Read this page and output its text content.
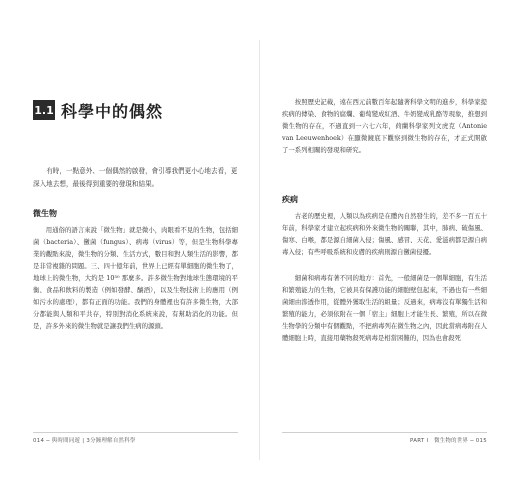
1.1 科學中的偶然

有時，一點意外、一個偶然的啟發，會引導我們更小心地去看，更深入地去想，最後得到重要的發現和結果。

微生物

用通俗的語言來說「微生物」就是微小，肉眼看不見的生物，包括細菌（bacteria）、黴菌（fungus）、病毒（virus）等，但是生物科學專業的觀點來說，微生物的分類、生活方式，數目和對人類生活的影響，都是非常複雜的問題。三、四十億年前，世界上已經有單細胞的微生物了，地球上的微生物，大約是 10³⁰ 那麼多。許多微生物對地球生態環境的平衡、食品和飲料的製造（例如發酵、釀酒），以及生物技術上的應用（例如污水的處理），都有正面的功能。我們的身體裡也有許多微生物，大部分都能與人類和平共存，特別對消化系統來說，有幫助消化的功能。但是，許多外來的微生物就是讓我們生病的源頭。

014 ─ 與時間同遊 | 3分鐘理解自然科學

按照歷史記載，遠在西元前數百年起隨著科學文明的進步，科學家提疾病的傳染、食物的腐爛、葡萄變成紅酒、牛奶變成乳酪等現象，推想到微生物的存在，不過直到一六七六年，荷蘭科學家列文虎克（Antonie van Leeuwenhoek）在顯微鏡底下觀察到微生物的存在，才正式開啟了一系列相關的發現和研究。

疾病

古老的歷史裡，人類以為疾病是在體內自然發生的，差不多一百五十年前，科學家才建立起疾病和外來微生物的關聯，其中，肺病、破傷風、傷寒、白喉，都是源自細菌入侵；傷風、感冒、天花、愛滋病都是源自病毒入侵；有些呼吸系統和皮膚的疾病則源自黴菌侵擾。

細菌和病毒有著不同的地方：首先，一般細菌是一個單細胞，有生活和繁殖能力的生物，它被具有保護功能的細胞壁包起來，不過也有一些細菌細由滲透作用，從體外獲取生活的組量；反過來，病毒沒有單獨生活和繁殖的能力，必須依附在一個「宿主」細胞上才能生長、繁殖，所以在微生物學的分類中有個觀點，不把病毒列在微生物之內，因此當病毒附在人體細胞上時，直接用藥物殺死病毒是相當困難的，因為也會殺死

PART Ⅰ　微生物的世界 ─ 015
